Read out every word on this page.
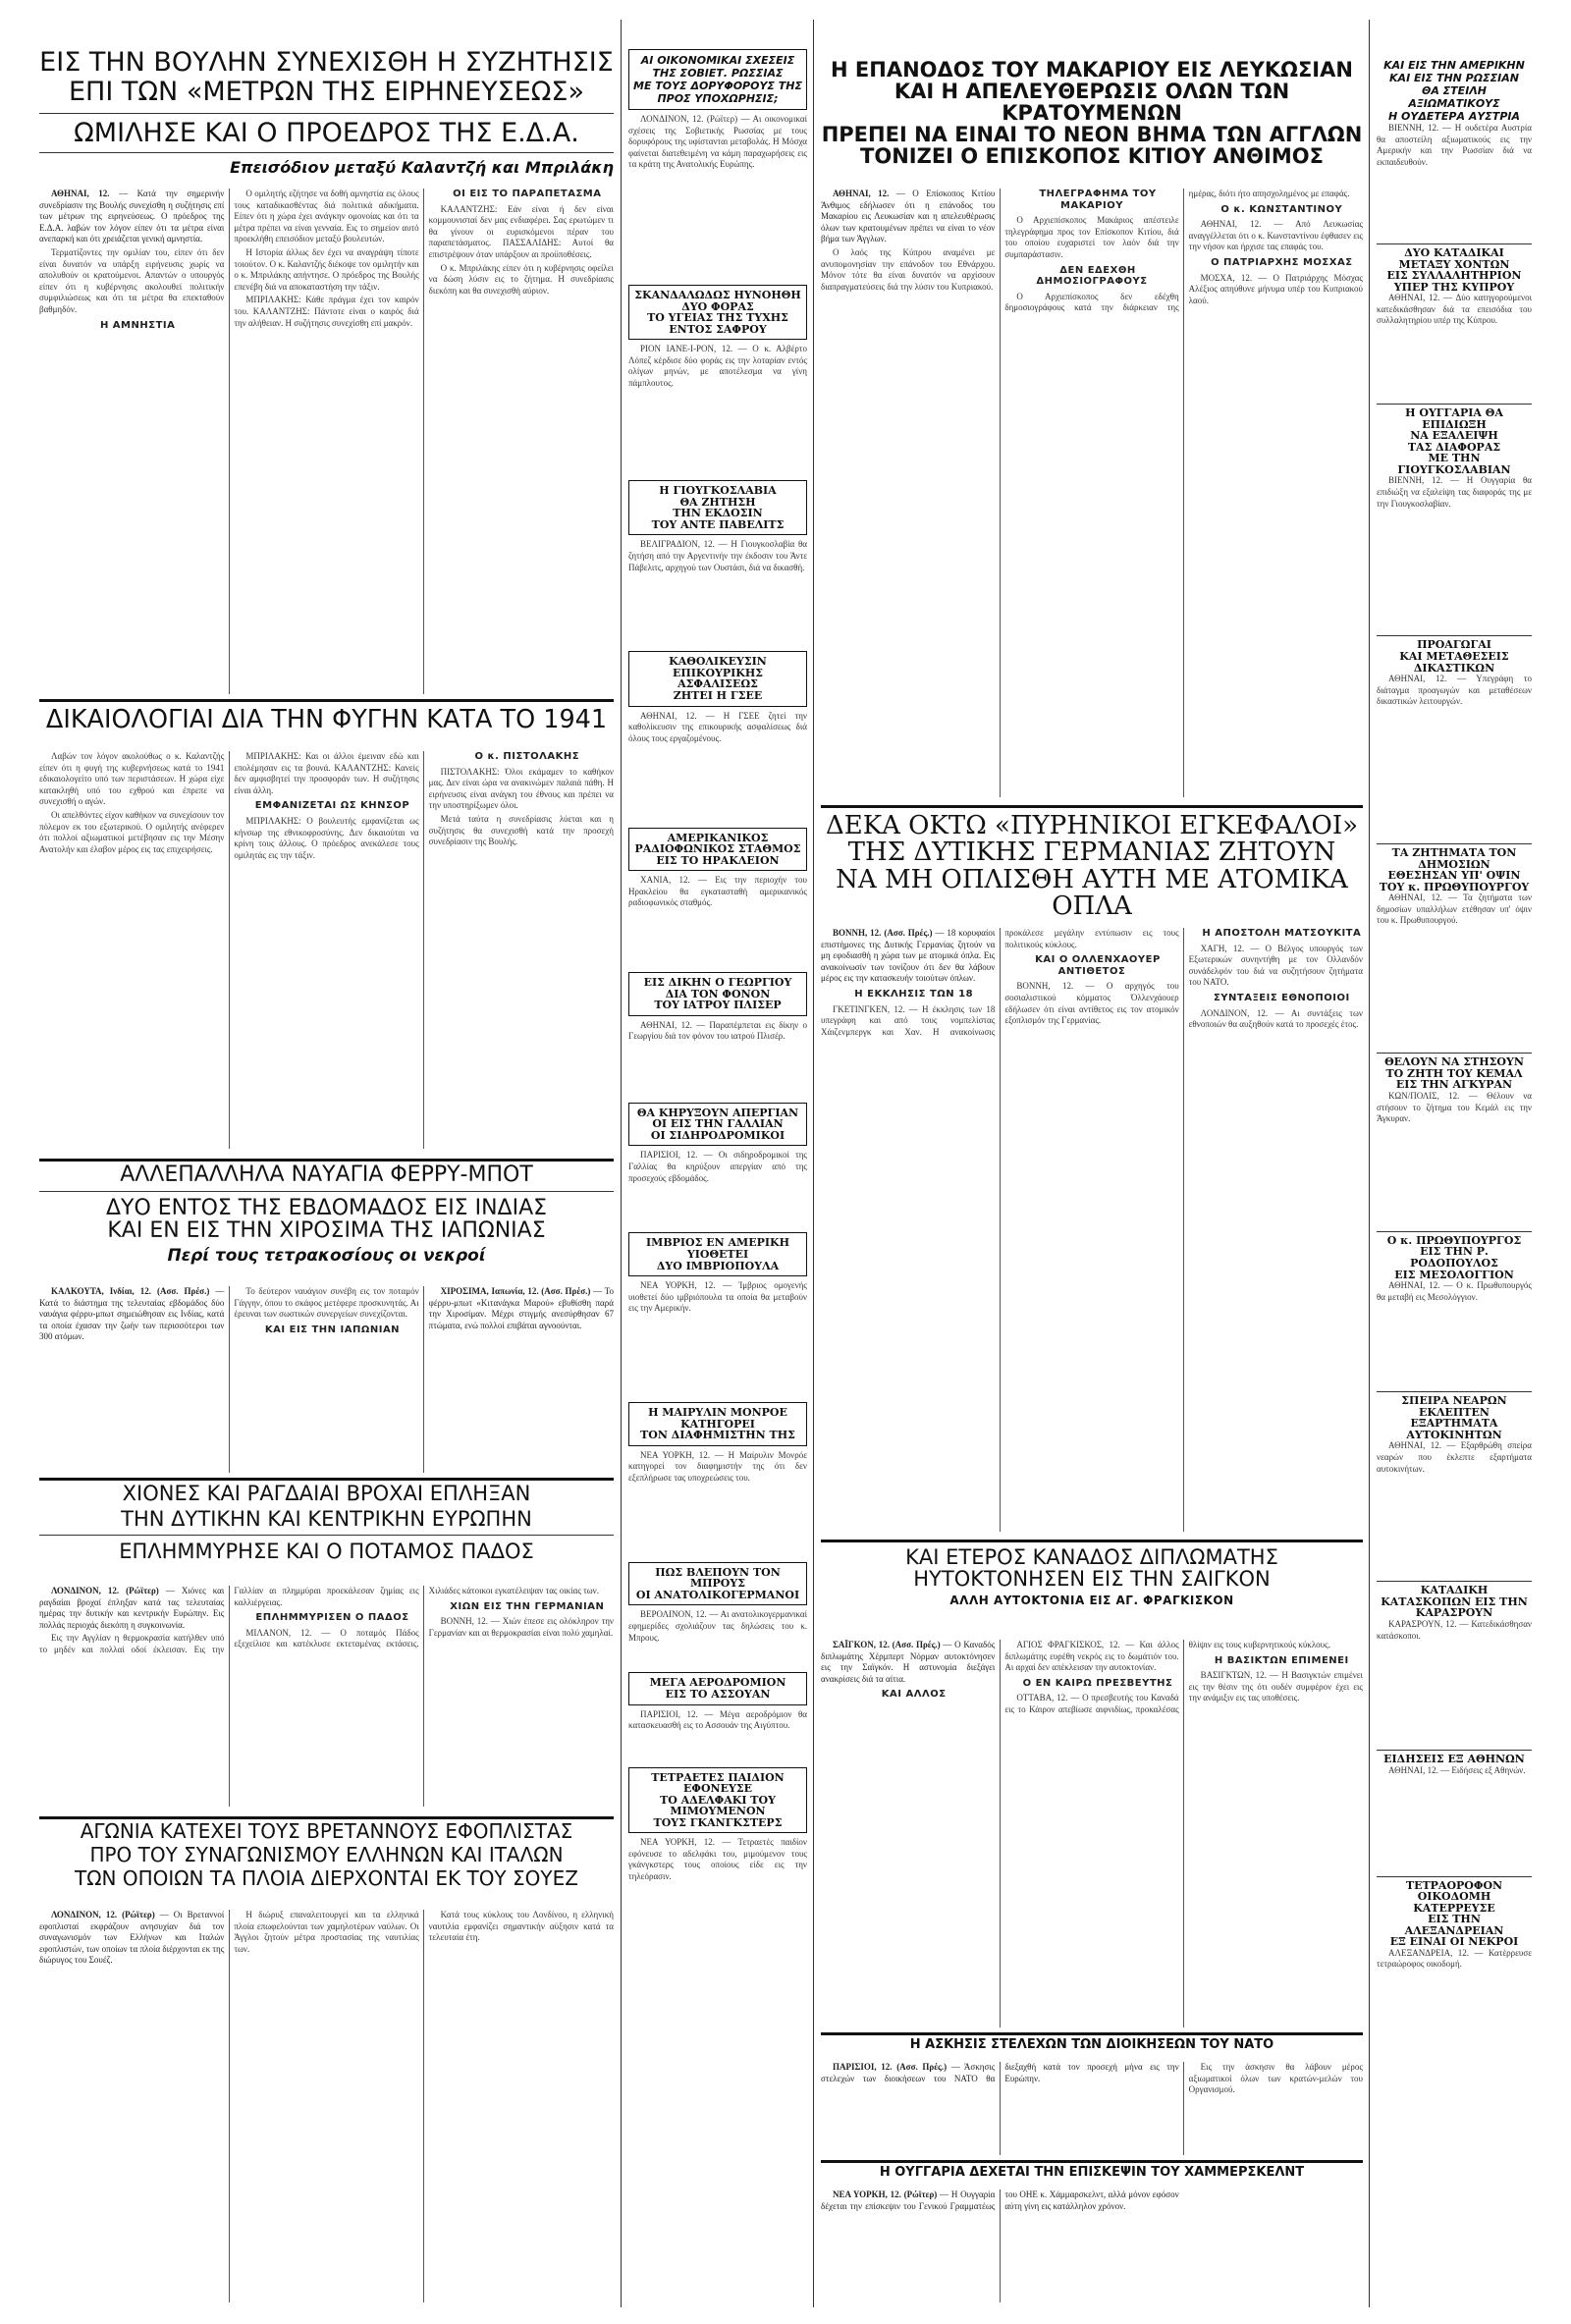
ΕΙΣ ΤΗΝ ΒΟΥΛΗΝ ΣΥΝΕΧΙΣΘΗ Η ΣΥΖΗΤΗΣΙΣ
ΕΠΙ ΤΩΝ «ΜΕΤΡΩΝ ΤΗΣ ΕΙΡΗΝΕΥΣΕΩΣ»
ΩΜΙΛΗΣΕ ΚΑΙ Ο ΠΡΟΕΔΡΟΣ ΤΗΣ Ε.Δ.Α.
Επεισόδιον μεταξύ Καλαντζή και Μπριλάκη

ΑΘΗΝΑΙ, 12. — Κατά την σημερινήν συνεδρίασιν της Βουλής συνεχίσθη η συζήτησις επί των μέτρων της ειρηνεύσεως. Ο πρόεδρος της Ε.Δ.Α. λαβών τον λόγον είπεν ότι τα μέτρα είναι ανεπαρκή και ότι χρειάζεται γενική αμνηστία.

Τερματίζοντες την ομιλίαν του, είπεν ότι δεν είναι δυνατόν να υπάρξη ειρήνευσις χωρίς να απολυθούν οι κρατούμενοι. Απαντών ο υπουργός είπεν ότι η κυβέρνησις ακολουθεί πολιτικήν συμφιλιώσεως και ότι τα μέτρα θα επεκταθούν βαθμηδόν.

Η ΑΜΝΗΣΤΙΑ

Ο ομιλητής εζήτησε να δοθή αμνηστία εις όλους τους καταδικασθέντας διά πολιτικά αδικήματα. Είπεν ότι η χώρα έχει ανάγκην ομονοίας και ότι τα μέτρα πρέπει να είναι γενναία. Εις το σημείον αυτό προεκλήθη επεισόδιον μεταξύ βουλευτών.

Η Ιστορία άλλως δεν έχει να αναγράψη τίποτε τοιούτον. Ο κ. Καλαντζής διέκοψε τον ομιλητήν και ο κ. Μπριλάκης απήντησε. Ο πρόεδρος της Βουλής επενέβη διά να αποκαταστήση την τάξιν.

ΜΠΡΙΛΑΚΗΣ: Κάθε πράγμα έχει τον καιρόν του. ΚΑΛΑΝΤΖΗΣ: Πάντοτε είναι ο καιρός διά την αλήθειαν. Η συζήτησις συνεχίσθη επί μακρόν.

ΟΙ ΕΙΣ ΤΟ ΠΑΡΑΠΕΤΑΣΜΑ

ΚΑΛΑΝΤΖΗΣ: Εάν είναι ή δεν είναι κομμουνισταί δεν μας ενδιαφέρει. Σας ερωτώμεν τι θα γίνουν οι ευρισκόμενοι πέραν του παραπετάσματος. ΠΑΣΣΑΛΙΔΗΣ: Αυτοί θα επιστρέψουν όταν υπάρξουν αι προϋποθέσεις.

Ο κ. Μπριλάκης είπεν ότι η κυβέρνησις οφείλει να δώση λύσιν εις το ζήτημα. Η συνεδρίασις διεκόπη και θα συνεχισθή αύριον.

ΔΙΚΑΙΟΛΟΓΙΑΙ ΔΙΑ ΤΗΝ ΦΥΓΗΝ ΚΑΤΑ ΤΟ 1941

Λαβών τον λόγον ακολούθως ο κ. Καλαντζής είπεν ότι η φυγή της κυβερνήσεως κατά το 1941 εδικαιολογείτο υπό των περιστάσεων. Η χώρα είχε κατακληθή υπό του εχθρού και έπρεπε να συνεχισθή ο αγών.

Οι απελθόντες είχον καθήκον να συνεχίσουν τον πόλεμον εκ του εξωτερικού. Ο ομιλητής ανέφερεν ότι πολλοί αξιωματικοί μετέβησαν εις την Μέσην Ανατολήν και έλαβον μέρος εις τας επιχειρήσεις.

ΜΠΡΙΛΑΚΗΣ: Και οι άλλοι έμειναν εδώ και επολέμησαν εις τα βουνά. ΚΑΛΑΝΤΖΗΣ: Κανείς δεν αμφισβητεί την προσφοράν των. Η συζήτησις είναι άλλη.

ΕΜΦΑΝΙΖΕΤΑΙ ΩΣ ΚΗΝΣΟΡ

ΜΠΡΙΛΑΚΗΣ: Ο βουλευτής εμφανίζεται ως κήνσωρ της εθνικοφροσύνης. Δεν δικαιούται να κρίνη τους άλλους. Ο πρόεδρος ανεκάλεσε τους ομιλητάς εις την τάξιν.

Ο κ. ΠΙΣΤΟΛΑΚΗΣ

ΠΙΣΤΟΛΑΚΗΣ: Όλοι εκάμαμεν το καθήκον μας. Δεν είναι ώρα να ανακινώμεν παλαιά πάθη. Η ειρήνευσις είναι ανάγκη του έθνους και πρέπει να την υποστηρίξωμεν όλοι.

Μετά ταύτα η συνεδρίασις λύεται και η συζήτησις θα συνεχισθή κατά την προσεχή συνεδρίασιν της Βουλής.

ΑΛΛΕΠΑΛΛΗΛΑ ΝΑΥΑΓΙΑ ΦΕΡΡΥ-ΜΠΟΤ
ΔΥΟ ΕΝΤΟΣ ΤΗΣ ΕΒΔΟΜΑΔΟΣ ΕΙΣ ΙΝΔΙΑΣ
ΚΑΙ ΕΝ ΕΙΣ ΤΗΝ ΧΙΡΟΣΙΜΑ ΤΗΣ ΙΑΠΩΝΙΑΣ
Περί τους τετρακοσίους οι νεκροί

ΚΑΛΚΟΥΤΑ, Ινδίαι, 12. (Ασσ. Πρέσ.) — Κατά το διάστημα της τελευταίας εβδομάδος δύο ναυάγια φέρρυ-μπωτ σημειώθησαν εις Ινδίας, κατά τα οποία έχασαν την ζωήν των περισσότεροι των 300 ατόμων.

Το δεύτερον ναυάγιον συνέβη εις τον ποταμόν Γάγγην, όπου το σκάφος μετέφερε προσκυνητάς. Αι έρευναι των σωστικών συνεργείων συνεχίζονται.

ΚΑΙ ΕΙΣ ΤΗΝ ΙΑΠΩΝΙΑΝ

ΧΙΡΟΣΙΜΑ, Ιαπωνία, 12. (Ασσ. Πρέσ.) — Το φέρρυ-μπωτ «Κιτανάγκα Μαρού» εβυθίσθη παρά την Χιροσίμαν. Μέχρι στιγμής ανεσύρθησαν 67 πτώματα, ενώ πολλοί επιβάται αγνοούνται.

ΧΙΟΝΕΣ ΚΑΙ ΡΑΓΔΑΙΑΙ ΒΡΟΧΑΙ ΕΠΛΗΞΑΝ
ΤΗΝ ΔΥΤΙΚΗΝ ΚΑΙ ΚΕΝΤΡΙΚΗΝ ΕΥΡΩΠΗΝ
ΕΠΛΗΜΜΥΡΗΣΕ ΚΑΙ Ο ΠΟΤΑΜΟΣ ΠΑΔΟΣ

ΛΟΝΔΙΝΟΝ, 12. (Ρώϊτερ) — Χιόνες και ραγδαίαι βροχαί έπληξαν κατά τας τελευταίας ημέρας την δυτικήν και κεντρικήν Ευρώπην. Εις πολλάς περιοχάς διεκόπη η συγκοινωνία.

Εις την Αγγλίαν η θερμοκρασία κατήλθεν υπό το μηδέν και πολλαί οδοί έκλεισαν. Εις την Γαλλίαν αι πλημμύραι προεκάλεσαν ζημίας εις καλλιέργειας.

ΕΠΛΗΜΜΥΡΙΣΕΝ Ο ΠΑΔΟΣ

ΜΙΛΑΝΟΝ, 12. — Ο ποταμός Πάδος εξεχείλισε και κατέκλυσε εκτεταμένας εκτάσεις. Χιλιάδες κάτοικοι εγκατέλειψαν τας οικίας των.

ΧΙΩΝ ΕΙΣ ΤΗΝ ΓΕΡΜΑΝΙΑΝ

ΒΟΝΝΗ, 12. — Χιών έπεσε εις ολόκληρον την Γερμανίαν και αι θερμοκρασίαι είναι πολύ χαμηλαί.

ΑΓΩΝΙΑ ΚΑΤΕΧΕΙ ΤΟΥΣ ΒΡΕΤΑΝΝΟΥΣ ΕΦΟΠΛΙΣΤΑΣ
ΠΡΟ ΤΟΥ ΣΥΝΑΓΩΝΙΣΜΟΥ ΕΛΛΗΝΩΝ ΚΑΙ ΙΤΑΛΩΝ
ΤΩΝ ΟΠΟΙΩΝ ΤΑ ΠΛΟΙΑ ΔΙΕΡΧΟΝΤΑΙ ΕΚ ΤΟΥ ΣΟΥΕΖ

ΛΟΝΔΙΝΟΝ, 12. (Ρώϊτερ) — Οι Βρεταννοί εφοπλισταί εκφράζουν ανησυχίαν διά τον συναγωνισμόν των Ελλήνων και Ιταλών εφοπλιστών, των οποίων τα πλοία διέρχονται εκ της διώρυγος του Σουέζ.

Η διώρυξ επαναλειτουργεί και τα ελληνικά πλοία επωφελούνται των χαμηλοτέρων ναύλων. Οι Άγγλοι ζητούν μέτρα προστασίας της ναυτιλίας των.

Κατά τους κύκλους του Λονδίνου, η ελληνική ναυτιλία εμφανίζει σημαντικήν αύξησιν κατά τα τελευταία έτη.

ΑΙ ΟΙΚΟΝΟΜΙΚΑΙ ΣΧΕΣΕΙΣ
ΤΗΣ ΣΟΒΙΕΤ. ΡΩΣΣΙΑΣ
ΜΕ ΤΟΥΣ ΔΟΡΥΦΟΡΟΥΣ ΤΗΣ
ΠΡΟΣ ΥΠΟΧΩΡΗΣΙΣ;
ΛΟΝΔΙΝΟΝ, 12. (Ρώϊτερ) — Αι οικονομικαί σχέσεις της Σοβιετικής Ρωσσίας με τους δορυφόρους της υφίστανται μεταβολάς. Η Μόσχα φαίνεται διατεθειμένη να κάμη παραχωρήσεις εις τα κράτη της Ανατολικής Ευρώπης.
ΣΚΑΝΔΑΛΩΔΩΣ ΗΥΝΟΗΘΗ
ΔΥΟ ΦΟΡΑΣ
ΤΟ ΥΓΕΙΑΣ ΤΗΣ ΤΥΧΗΣ
ΕΝΤΟΣ ΣΑΦΡΟΥ
ΡΙΟΝ ΙΑΝΕ-Ι-ΡΟΝ, 12. — Ο κ. Αλβέρτο Λόπεζ κέρδισε δύο φοράς εις την λοταρίαν εντός ολίγων μηνών, με αποτέλεσμα να γίνη πάμπλουτος.
Η ΓΙΟΥΓΚΟΣΛΑΒΙΑ
ΘΑ ΖΗΤΗΣΗ
ΤΗΝ ΕΚΔΟΣΙΝ
ΤΟΥ ΑΝΤΕ ΠΑΒΕΛΙΤΣ
ΒΕΛΙΓΡΑΔΙΟΝ, 12. — Η Γιουγκοσλαβία θα ζητήση από την Αργεντινήν την έκδοσιν του Άντε Πάβελιτς, αρχηγού των Ουστάσι, διά να δικασθή.
ΚΑΘΟΛΙΚΕΥΣΙΝ
ΕΠΙΚΟΥΡΙΚΗΣ ΑΣΦΑΛΙΣΕΩΣ
ΖΗΤΕΙ Η ΓΣΕΕ
ΑΘΗΝΑΙ, 12. — Η ΓΣΕΕ ζητεί την καθολίκευσιν της επικουρικής ασφαλίσεως διά όλους τους εργαζομένους.
ΑΜΕΡΙΚΑΝΙΚΟΣ
ΡΑΔΙΟΦΩΝΙΚΟΣ ΣΤΑΘΜΟΣ
ΕΙΣ ΤΟ ΗΡΑΚΛΕΙΟΝ
ΧΑΝΙΑ, 12. — Εις την περιοχήν του Ηρακλείου θα εγκατασταθή αμερικανικός ραδιοφωνικός σταθμός.
ΕΙΣ ΔΙΚΗΝ Ο ΓΕΩΡΓΙΟΥ
ΔΙΑ ΤΟΝ ΦΟΝΟΝ
ΤΟΥ ΙΑΤΡΟΥ ΠΛΙΣΕΡ
ΑΘΗΝΑΙ, 12. — Παραπέμπεται εις δίκην ο Γεωργίου διά τον φόνον του ιατρού Πλισέρ.
ΘΑ ΚΗΡΥΞΟΥΝ ΑΠΕΡΓΙΑΝ
ΟΙ ΕΙΣ ΤΗΝ ΓΑΛΛΙΑΝ
ΟΙ ΣΙΔΗΡΟΔΡΟΜΙΚΟΙ
ΠΑΡΙΣΙΟΙ, 12. — Οι σιδηροδρομικοί της Γαλλίας θα κηρύξουν απεργίαν από της προσεχούς εβδομάδος.
ΙΜΒΡΙΟΣ ΕΝ ΑΜΕΡΙΚΗ
ΥΙΟΘΕΤΕΙ
ΔΥΟ ΙΜΒΡΙΟΠΟΥΛΑ
ΝΕΑ ΥΟΡΚΗ, 12. — Ίμβριος ομογενής υιοθετεί δύο ιμβριόπουλα τα οποία θα μεταβούν εις την Αμερικήν.
Η ΜΑΙΡΥΛΙΝ ΜΟΝΡΟΕ
ΚΑΤΗΓΟΡΕΙ
ΤΟΝ ΔΙΑΦΗΜΙΣΤΗΝ ΤΗΣ
ΝΕΑ ΥΟΡΚΗ, 12. — Η Μαίρυλιν Μονρόε κατηγορεί τον διαφημιστήν της ότι δεν εξεπλήρωσε τας υποχρεώσεις του.
ΠΩΣ ΒΛΕΠΟΥΝ ΤΟΝ ΜΠΡΟΥΣ
ΟΙ ΑΝΑΤΟΛΙΚΟΓΕΡΜΑΝΟΙ
ΒΕΡΟΛΙΝΟΝ, 12. — Αι ανατολικογερμανικαί εφημερίδες σχολιάζουν τας δηλώσεις του κ. Μπρους.
ΜΕΓΑ ΑΕΡΟΔΡΟΜΙΟΝ
ΕΙΣ ΤΟ ΑΣΣΟΥΑΝ
ΠΑΡΙΣΙΟΙ, 12. — Μέγα αεροδρόμιον θα κατασκευασθή εις το Ασσουάν της Αιγύπτου.
ΤΕΤΡΑΕΤΕΣ ΠΑΙΔΙΟΝ
ΕΦΟΝΕΥΣΕ
ΤΟ ΑΔΕΛΦΑΚΙ ΤΟΥ
ΜΙΜΟΥΜΕΝΟΝ
ΤΟΥΣ ΓΚΑΝΓΚΣΤΕΡΣ
ΝΕΑ ΥΟΡΚΗ, 12. — Τετραετές παιδίον εφόνευσε το αδελφάκι του, μιμούμενον τους γκάνγκστερς τους οποίους είδε εις την τηλεόρασιν.
Η ΕΠΑΝΟΔΟΣ ΤΟΥ ΜΑΚΑΡΙΟΥ ΕΙΣ ΛΕΥΚΩΣΙΑΝ
ΚΑΙ Η ΑΠΕΛΕΥΘΕΡΩΣΙΣ ΟΛΩΝ ΤΩΝ ΚΡΑΤΟΥΜΕΝΩΝ
ΠΡΕΠΕΙ ΝΑ ΕΙΝΑΙ ΤΟ ΝΕΟΝ ΒΗΜΑ ΤΩΝ ΑΓΓΛΩΝ
ΤΟΝΙΖΕΙ Ο ΕΠΙΣΚΟΠΟΣ ΚΙΤΙΟΥ ΑΝΘΙΜΟΣ

ΑΘΗΝΑΙ, 12. — Ο Επίσκοπος Κιτίου Άνθιμος εδήλωσεν ότι η επάνοδος του Μακαρίου εις Λευκωσίαν και η απελευθέρωσις όλων των κρατουμένων πρέπει να είναι το νέον βήμα των Άγγλων.

Ο λαός της Κύπρου αναμένει με ανυπομονησίαν την επάνοδον του Εθνάρχου. Μόνον τότε θα είναι δυνατόν να αρχίσουν διαπραγματεύσεις διά την λύσιν του Κυπριακού.

ΤΗΛΕΓΡΑΦΗΜΑ ΤΟΥ ΜΑΚΑΡΙΟΥ

Ο Αρχιεπίσκοπος Μακάριος απέστειλε τηλεγράφημα προς τον Επίσκοπον Κιτίου, διά του οποίου ευχαριστεί τον λαόν διά την συμπαράστασιν.

ΔΕΝ ΕΔΕΧΘΗ ΔΗΜΟΣΙΟΓΡΑΦΟΥΣ

Ο Αρχιεπίσκοπος δεν εδέχθη δημοσιογράφους κατά την διάρκειαν της ημέρας, διότι ήτο απησχολημένος με επαφάς.

Ο κ. ΚΩΝΣΤΑΝΤΙΝΟΥ

ΑΘΗΝΑΙ, 12. — Από Λευκωσίας αναγγέλλεται ότι ο κ. Κωνσταντίνου έφθασεν εις την νήσον και ήρχισε τας επαφάς του.

Ο ΠΑΤΡΙΑΡΧΗΣ ΜΟΣΧΑΣ

ΜΟΣΧΑ, 12. — Ο Πατριάρχης Μόσχας Αλέξιος απηύθυνε μήνυμα υπέρ του Κυπριακού λαού.

ΔΕΚΑ ΟΚΤΩ «ΠΥΡΗΝΙΚΟΙ ΕΓΚΕΦΑΛΟΙ»
ΤΗΣ ΔΥΤΙΚΗΣ ΓΕΡΜΑΝΙΑΣ ΖΗΤΟΥΝ
ΝΑ ΜΗ ΟΠΛΙΣΘΗ ΑΥΤΗ ΜΕ ΑΤΟΜΙΚΑ ΟΠΛΑ

ΒΟΝΝΗ, 12. (Ασσ. Πρές.) — 18 κορυφαίοι επιστήμονες της Δυτικής Γερμανίας ζητούν να μη εφοδιασθή η χώρα των με ατομικά όπλα. Εις ανακοίνωσίν των τονίζουν ότι δεν θα λάβουν μέρος εις την κατασκευήν τοιούτων όπλων.

Η ΕΚΚΛΗΣΙΣ ΤΩΝ 18

ΓΚΕΤΙΝΓΚΕΝ, 12. — Η έκκλησις των 18 υπεγράφη και από τους νομπελίστας Χάιζενμπεργκ και Χαν. Η ανακοίνωσις προκάλεσε μεγάλην εντύπωσιν εις τους πολιτικούς κύκλους.

ΚΑΙ Ο ΟΛΛΕΝΧΑΟΥΕΡ ΑΝΤΙΘΕΤΟΣ

ΒΟΝΝΗ, 12. — Ο αρχηγός του σοσιαλιστικού κόμματος Όλλενχάουερ εδήλωσεν ότι είναι αντίθετος εις τον ατομικόν εξοπλισμόν της Γερμανίας.

Η ΑΠΟΣΤΟΛΗ ΜΑΤΣΟΥΚΙΤΑ

ΧΑΓΗ, 12. — Ο Βέλγος υπουργός των Εξωτερικών συνηντήθη με τον Ολλανδόν συνάδελφόν του διά να συζητήσουν ζητήματα του ΝΑΤΟ.

ΣΥΝΤΑΞΕΙΣ ΕΘΝΟΠΟΙΟΙ

ΛΟΝΔΙΝΟΝ, 12. — Αι συντάξεις των εθνοποιών θα αυξηθούν κατά το προσεχές έτος.

ΚΑΙ ΕΤΕΡΟΣ ΚΑΝΑΔΟΣ ΔΙΠΛΩΜΑΤΗΣ
ΗΥΤΟΚΤΟΝΗΣΕΝ ΕΙΣ ΤΗΝ ΣΑΙΓΚΟΝ
ΑΛΛΗ ΑΥΤΟΚΤΟΝΙΑ ΕΙΣ ΑΓ. ΦΡΑΓΚΙΣΚΟΝ

ΣΑΪΓΚΟΝ, 12. (Ασσ. Πρές.) — Ο Καναδός διπλωμάτης Χέρμπερτ Νόρμαν αυτοκτόνησεν εις την Σαϊγκόν. Η αστυνομία διεξάγει ανακρίσεις διά τα αίτια.

ΚΑΙ ΑΛΛΟΣ

ΑΓΙΟΣ ΦΡΑΓΚΙΣΚΟΣ, 12. — Και άλλος διπλωμάτης ευρέθη νεκρός εις το δωμάτιόν του. Αι αρχαί δεν απέκλεισαν την αυτοκτονίαν.

Ο ΕΝ ΚΑΙΡΩ ΠΡΕΣΒΕΥΤΗΣ

ΟΤΤΑΒΑ, 12. — Ο πρεσβευτής του Καναδά εις το Κάιρον απεβίωσε αιφνιδίως, προκαλέσας θλίψιν εις τους κυβερνητικούς κύκλους.

Η ΒΑΣΙΚΤΩΝ ΕΠΙΜΕΝΕΙ

ΒΑΣΙΓΚΤΩΝ, 12. — Η Βασιγκτών επιμένει εις την θέσιν της ότι ουδέν συμφέρον έχει εις την ανάμιξιν εις τας υποθέσεις.

Η ΑΣΚΗΣΙΣ ΣΤΕΛΕΧΩΝ ΤΩΝ ΔΙΟΙΚΗΣΕΩΝ ΤΟΥ ΝΑΤΟ

ΠΑΡΙΣΙΟΙ, 12. (Ασσ. Πρές.) — Άσκησις στελεχών των διοικήσεων του ΝΑΤΟ θα διεξαχθή κατά τον προσεχή μήνα εις την Ευρώπην.

Εις την άσκησιν θα λάβουν μέρος αξιωματικοί όλων των κρατών-μελών του Οργανισμού.

Η ΟΥΓΓΑΡΙΑ ΔΕΧΕΤΑΙ ΤΗΝ ΕΠΙΣΚΕΨΙΝ ΤΟΥ ΧΑΜΜΕΡΣΚΕΛΝΤ

ΝΕΑ ΥΟΡΚΗ, 12. (Ρώϊτερ) — Η Ουγγαρία δέχεται την επίσκεψιν του Γενικού Γραμματέως του ΟΗΕ κ. Χάμμαρσκελντ, αλλά μόνον εφόσον αύτη γίνη εις κατάλληλον χρόνον.

ΚΑΙ ΕΙΣ ΤΗΝ ΑΜΕΡΙΚΗΝ
ΚΑΙ ΕΙΣ ΤΗΝ ΡΩΣΣΙΑΝ
ΘΑ ΣΤΕΙΛΗ ΑΞΙΩΜΑΤΙΚΟΥΣ
Η ΟΥΔΕΤΕΡΑ ΑΥΣΤΡΙΑ
ΒΙΕΝΝΗ, 12. — Η ουδετέρα Αυστρία θα αποστείλη αξιωματικούς εις την Αμερικήν και την Ρωσσίαν διά να εκπαιδευθούν.
ΔΥΟ ΚΑΤΑΔΙΚΑΙ
ΜΕΤΑΞΥ ΧΟΝΤΩΝ
ΕΙΣ ΣΥΛΛΑΛΗΤΗΡΙΟΝ
ΥΠΕΡ ΤΗΣ ΚΥΠΡΟΥ
ΑΘΗΝΑΙ, 12. — Δύο κατηγορούμενοι κατεδικάσθησαν διά τα επεισόδια του συλλαλητηρίου υπέρ της Κύπρου.
Η ΟΥΓΓΑΡΙΑ ΘΑ ΕΠΙΔΙΩΞΗ
ΝΑ ΕΞΑΛΕΙΨΗ
ΤΑΣ ΔΙΑΦΟΡΑΣ
ΜΕ ΤΗΝ ΓΙΟΥΓΚΟΣΛΑΒΙΑΝ
ΒΙΕΝΝΗ, 12. — Η Ουγγαρία θα επιδιώξη να εξαλείψη τας διαφοράς της με την Γιουγκοσλαβίαν.
ΠΡΟΑΓΩΓΑΙ
ΚΑΙ ΜΕΤΑΘΕΣΕΙΣ
ΔΙΚΑΣΤΙΚΩΝ
ΑΘΗΝΑΙ, 12. — Υπεγράφη το διάταγμα προαγωγών και μεταθέσεων δικαστικών λειτουργών.
ΤΑ ΖΗΤΗΜΑΤΑ ΤΟΝ ΔΗΜΟΣΙΩΝ
ΕΘΕΣΗΣΑΝ ΥΠ' ΟΨΙΝ
ΤΟΥ κ. ΠΡΩΘΥΠΟΥΡΓΟΥ
ΑΘΗΝΑΙ, 12. — Τα ζητήματα των δημοσίων υπαλλήλων ετέθησαν υπ' όψιν του κ. Πρωθυπουργού.
ΘΕΛΟΥΝ ΝΑ ΣΤΗΣΟΥΝ
ΤΟ ΖΗΤΗ ΤΟΥ ΚΕΜΑΛ
ΕΙΣ ΤΗΝ ΑΓΚΥΡΑΝ
ΚΩΝ/ΠΟΛΙΣ, 12. — Θέλουν να στήσουν το ζήτημα του Κεμάλ εις την Άγκυραν.
Ο κ. ΠΡΩΘΥΠΟΥΡΓΟΣ
ΕΙΣ ΤΗΝ Ρ. ΡΟΔΟΠΟΥΛΟΣ
ΕΙΣ ΜΕΣΟΛΟΓΓΙΟΝ
ΑΘΗΝΑΙ, 12. — Ο κ. Πρωθυπουργός θα μεταβή εις Μεσολόγγιον.
ΣΠΕΙΡΑ ΝΕΑΡΩΝ
ΕΚΛΕΠΤΕΝ ΕΞΑΡΤΗΜΑΤΑ
ΑΥΤΟΚΙΝΗΤΩΝ
ΑΘΗΝΑΙ, 12. — Εξαρθρώθη σπείρα νεαρών που έκλεπτε εξαρτήματα αυτοκινήτων.
ΚΑΤΑΔΙΚΗ ΚΑΤΑΣΚΟΠΩΝ ΕΙΣ ΤΗΝ ΚΑΡΑΣΡΟΥΝ
ΚΑΡΑΣΡΟΥΝ, 12. — Κατεδικάσθησαν κατάσκοποι.
ΕΙΔΗΣΕΙΣ ΕΞ ΑΘΗΝΩΝ
ΑΘΗΝΑΙ, 12. — Ειδήσεις εξ Αθηνών.
ΤΕΤΡΑΟΡΟΦΟΝ ΟΙΚΟΔΟΜΗ
ΚΑΤΕΡΡΕΥΣΕ
ΕΙΣ ΤΗΝ ΑΛΕΞΑΝΔΡΕΙΑΝ
ΕΞ ΕΙΝΑΙ ΟΙ ΝΕΚΡΟΙ
ΑΛΕΞΑΝΔΡΕΙΑ, 12. — Κατέρρευσε τετραώροφος οικοδομή.
